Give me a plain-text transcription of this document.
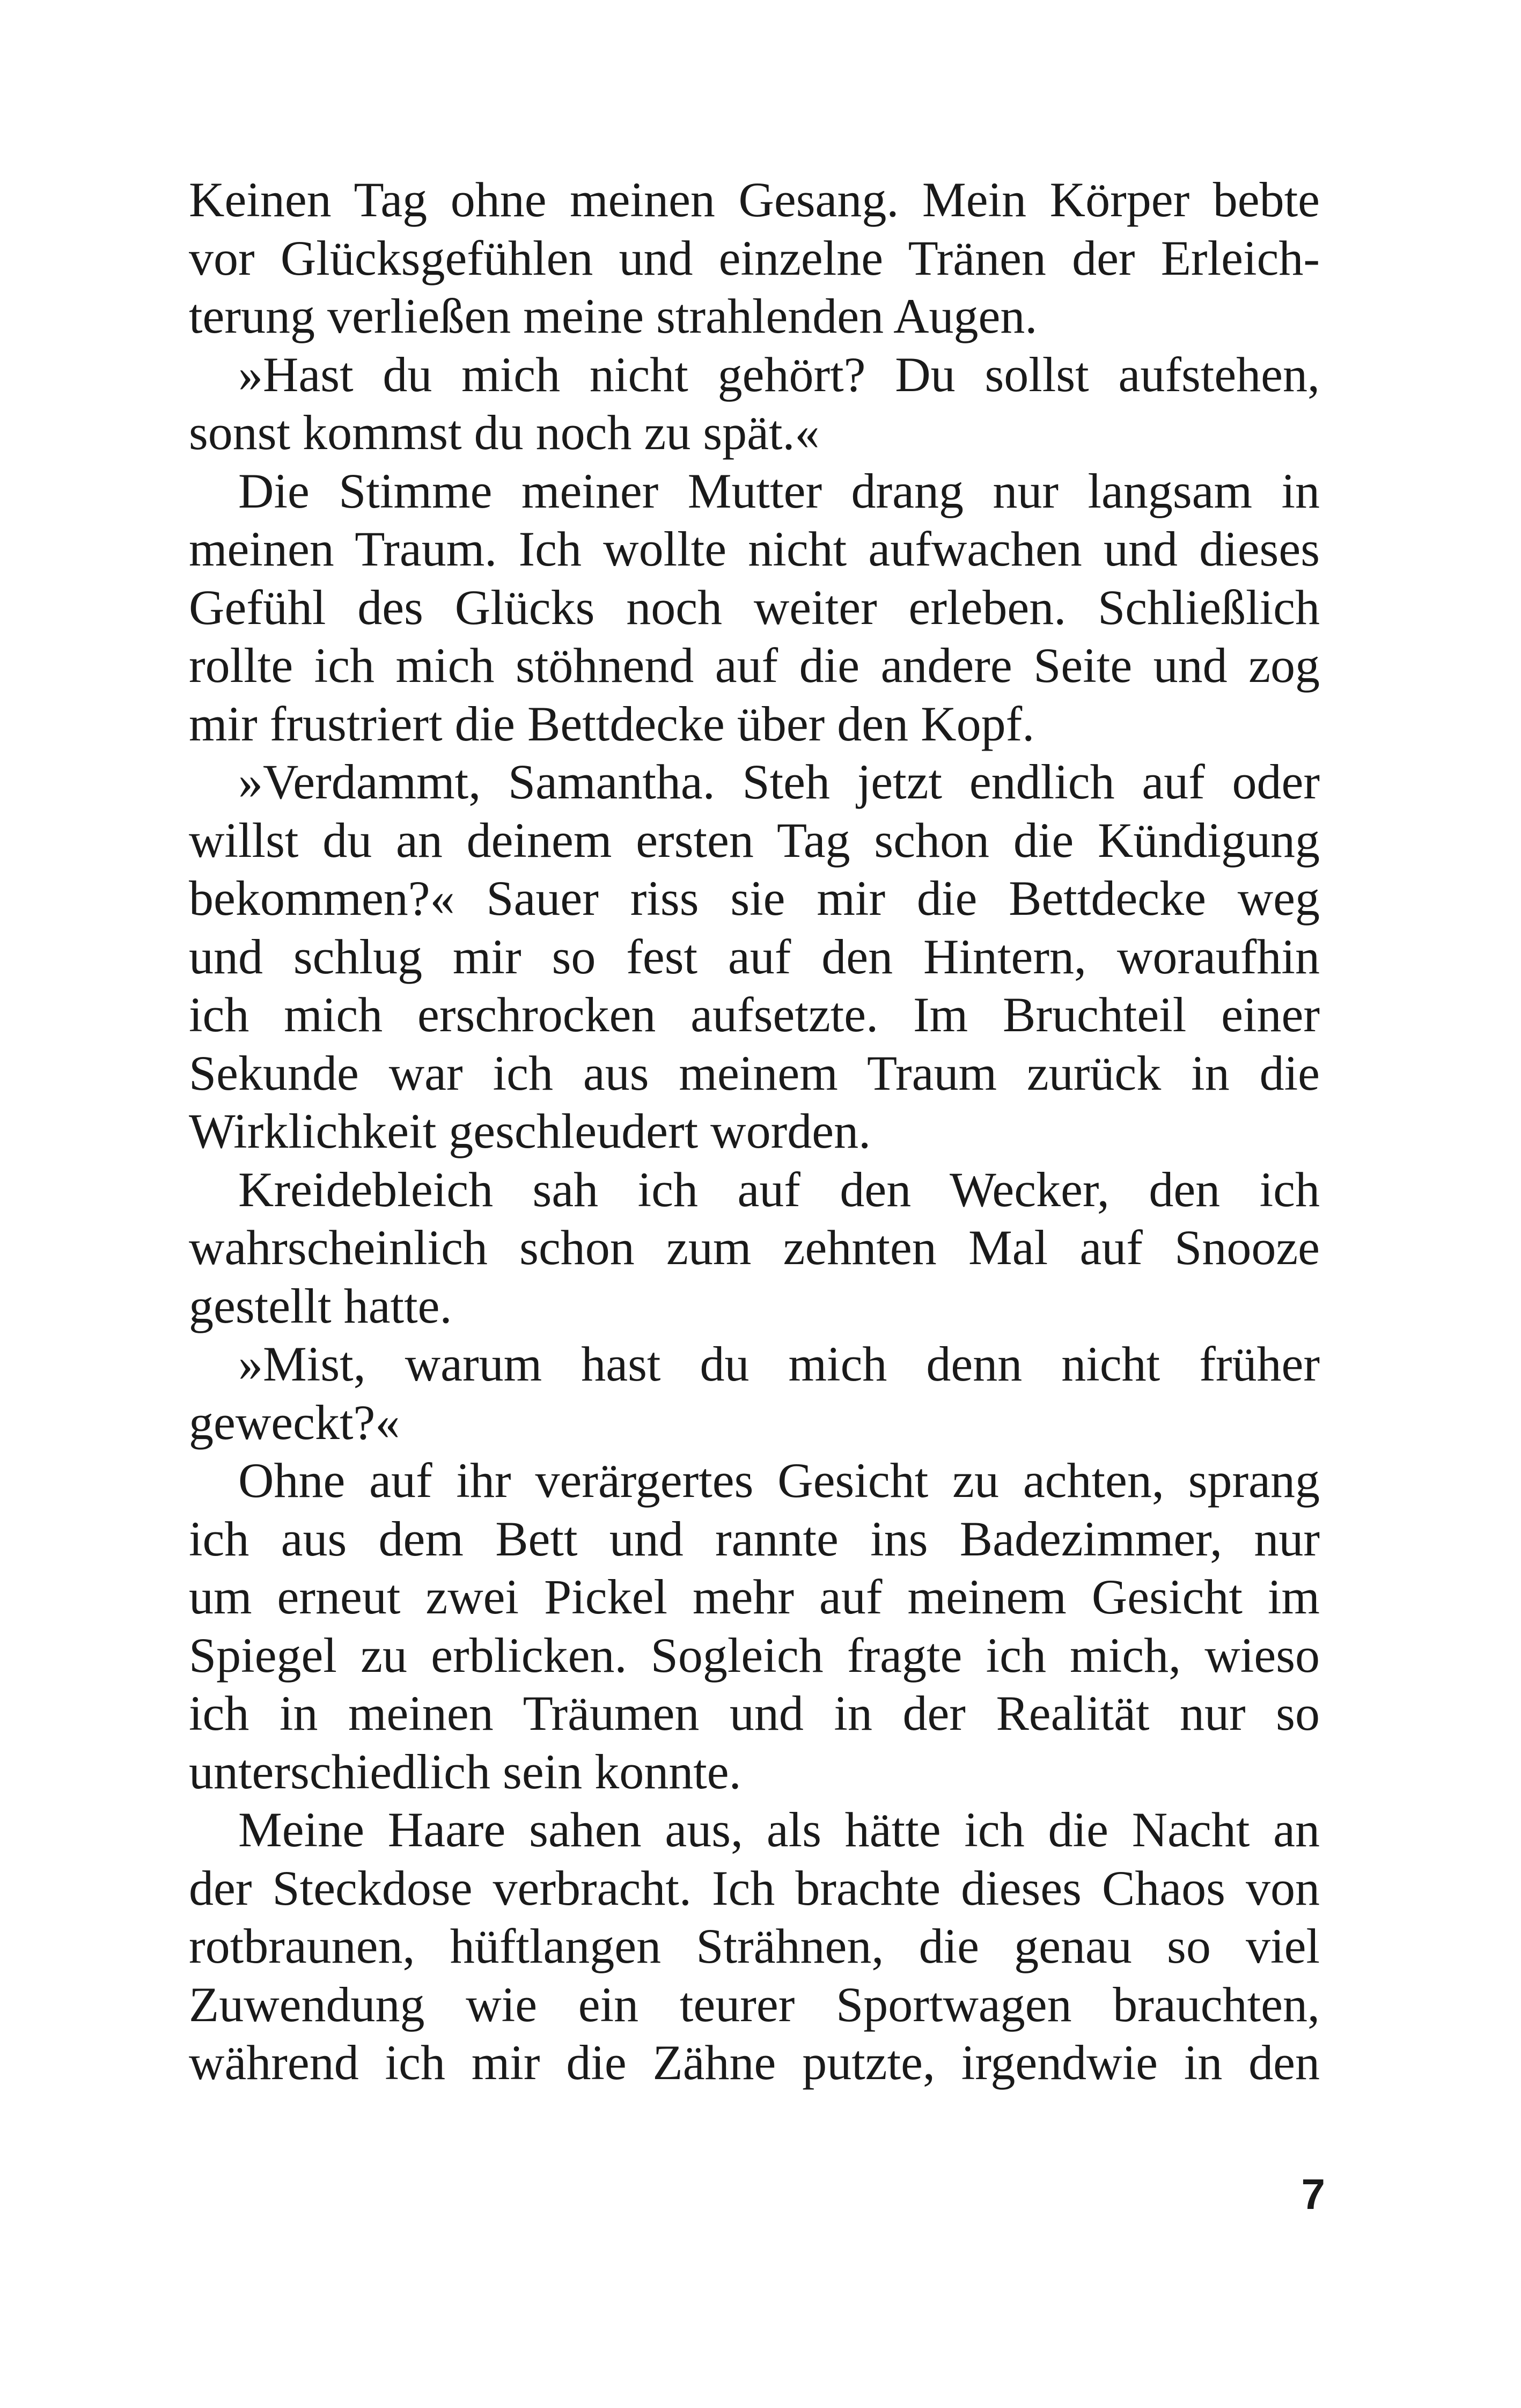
Keinen Tag ohne meinen Gesang. Mein Körper bebte
vor Glücksgefühlen und einzelne Tränen der Erleich-
terung verließen meine strahlenden Augen.
»Hast du mich nicht gehört? Du sollst aufstehen,
sonst kommst du noch zu spät.«
Die Stimme meiner Mutter drang nur langsam in
meinen Traum. Ich wollte nicht aufwachen und dieses
Gefühl des Glücks noch weiter erleben. Schließlich
rollte ich mich stöhnend auf die andere Seite und zog
mir frustriert die Bettdecke über den Kopf.
»Verdammt, Samantha. Steh jetzt endlich auf oder
willst du an deinem ersten Tag schon die Kündigung
bekommen?« Sauer riss sie mir die Bettdecke weg
und schlug mir so fest auf den Hintern, woraufhin
ich mich erschrocken aufsetzte. Im Bruchteil einer
Sekunde war ich aus meinem Traum zurück in die
Wirklichkeit geschleudert worden.
Kreidebleich sah ich auf den Wecker, den ich
wahrscheinlich schon zum zehnten Mal auf Snooze
gestellt hatte.
»Mist, warum hast du mich denn nicht früher
geweckt?«
Ohne auf ihr verärgertes Gesicht zu achten, sprang
ich aus dem Bett und rannte ins Badezimmer, nur
um erneut zwei Pickel mehr auf meinem Gesicht im
Spiegel zu erblicken. Sogleich fragte ich mich, wieso
ich in meinen Träumen und in der Realität nur so
unterschiedlich sein konnte.
Meine Haare sahen aus, als hätte ich die Nacht an
der Steckdose verbracht. Ich brachte dieses Chaos von
rotbraunen, hüftlangen Strähnen, die genau so viel
Zuwendung wie ein teurer Sportwagen brauchten,
während ich mir die Zähne putzte, irgendwie in den
7
